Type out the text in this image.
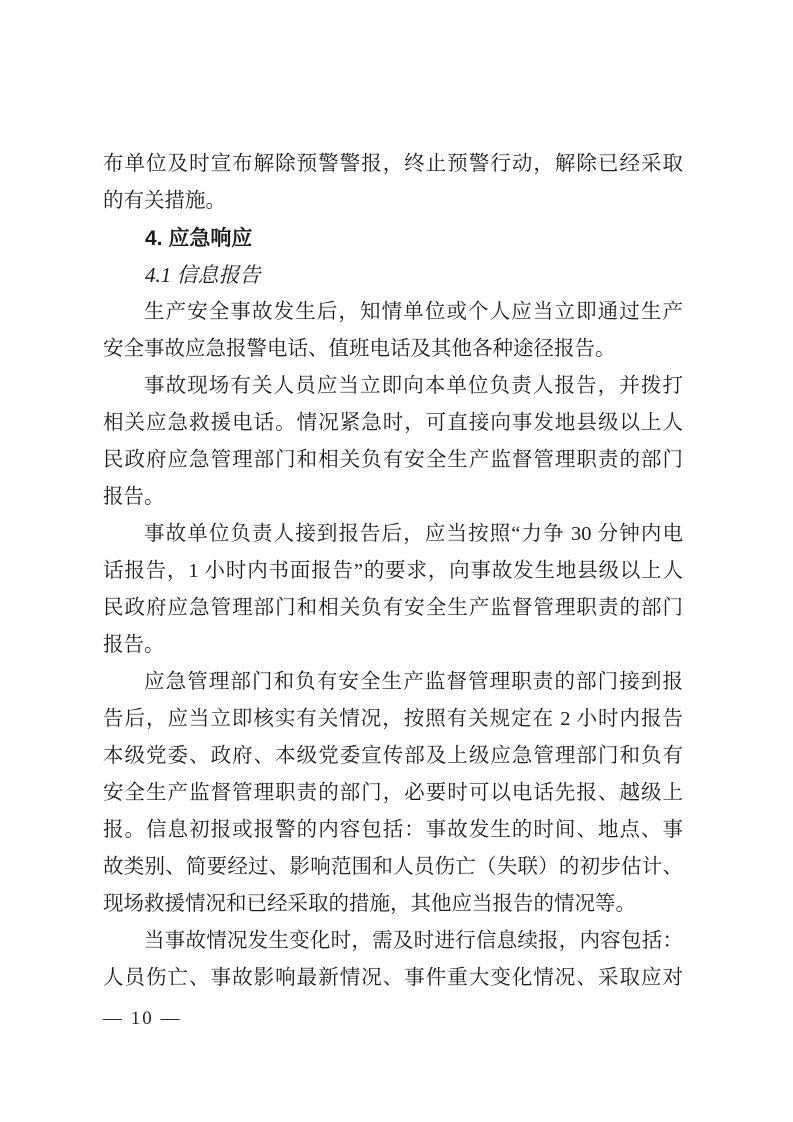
布单位及时宣布解除预警警报，终止预警行动，解除已经采取
的有关措施。
4. 应急响应
4.1 信息报告
生产安全事故发生后，知情单位或个人应当立即通过生产
安全事故应急报警电话、值班电话及其他各种途径报告。
事故现场有关人员应当立即向本单位负责人报告，并拨打
相关应急救援电话。情况紧急时，可直接向事发地县级以上人
民政府应急管理部门和相关负有安全生产监督管理职责的部门
报告。
事故单位负责人接到报告后，应当按照“力争 30 分钟内电
话报告，1 小时内书面报告”的要求，向事故发生地县级以上人
民政府应急管理部门和相关负有安全生产监督管理职责的部门
报告。
应急管理部门和负有安全生产监督管理职责的部门接到报
告后，应当立即核实有关情况，按照有关规定在 2 小时内报告
本级党委、政府、本级党委宣传部及上级应急管理部门和负有
安全生产监督管理职责的部门，必要时可以电话先报、越级上
报。信息初报或报警的内容包括：事故发生的时间、地点、事
故类别、简要经过、影响范围和人员伤亡（失联）的初步估计、
现场救援情况和已经采取的措施，其他应当报告的情况等。
当事故情况发生变化时，需及时进行信息续报，内容包括：
人员伤亡、事故影响最新情况、事件重大变化情况、采取应对
— 10 —
